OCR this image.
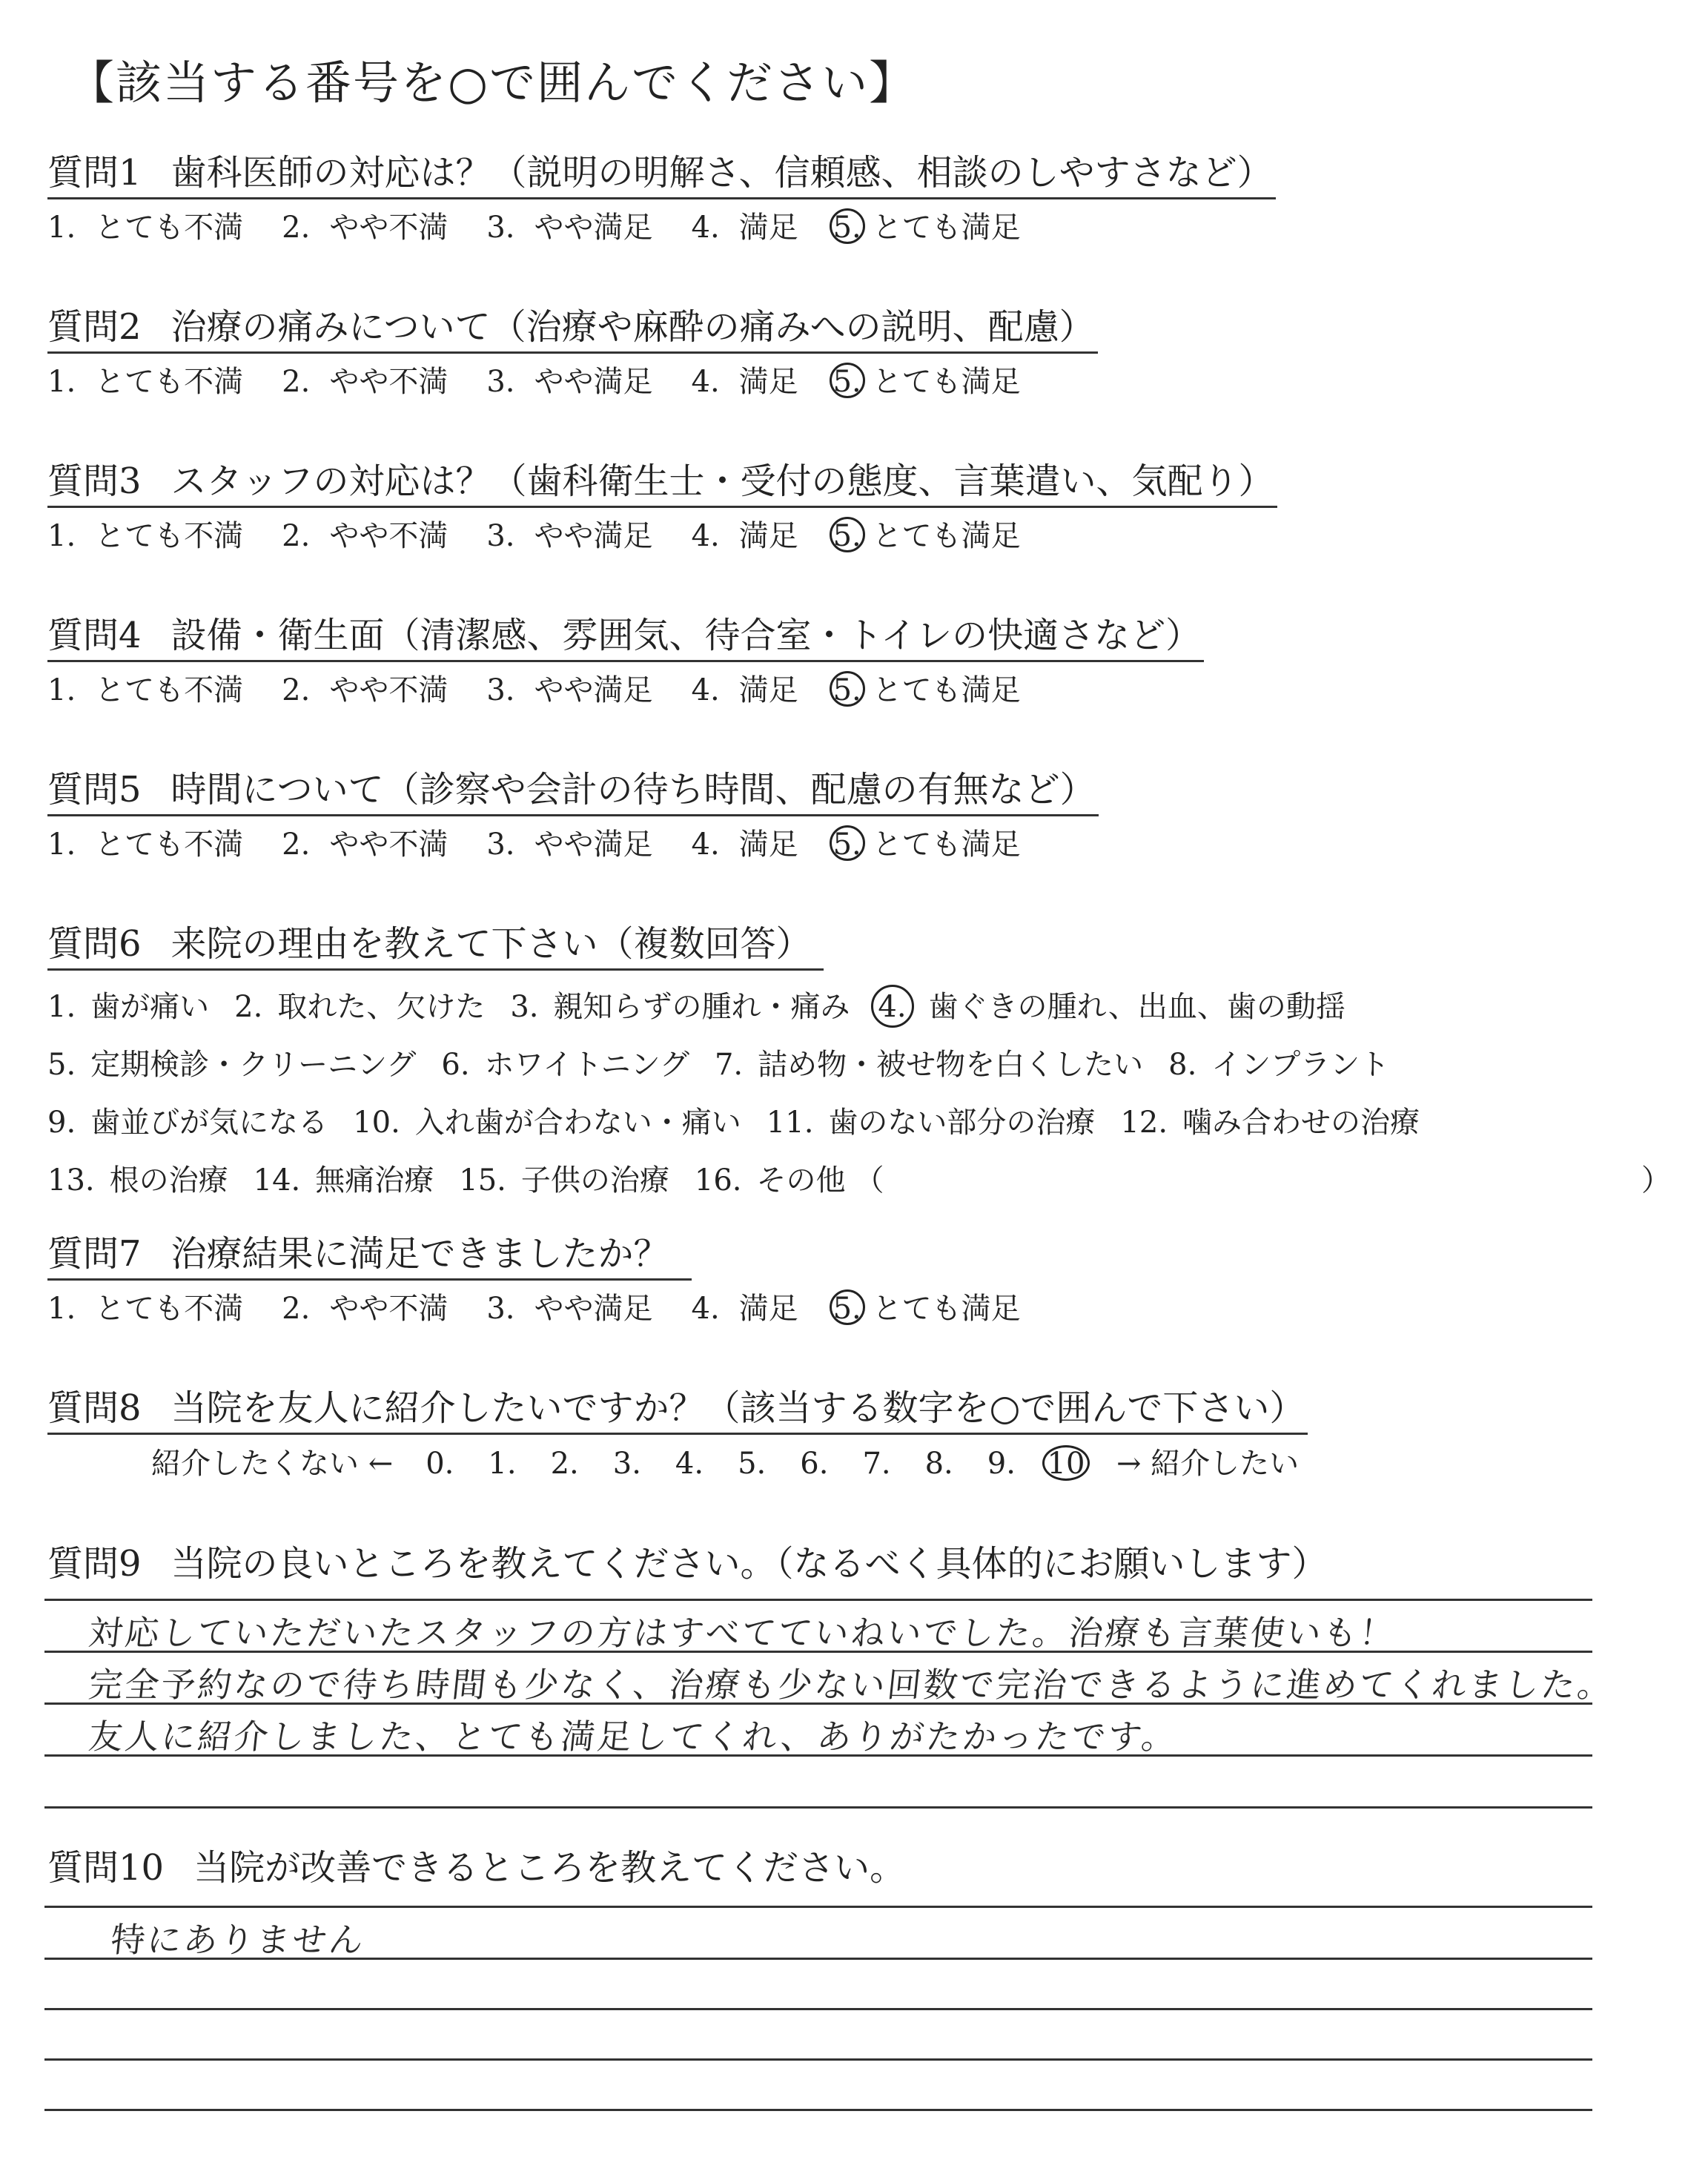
【該当する番号を○で囲んでください】
質問1 歯科医師の対応は？（説明の明解さ、信頼感、相談のしやすさなど）
1. とても不満 2. やや不満 3. やや満足 4. 満足 5. とても満足
質問2 治療の痛みについて（治療や麻酔の痛みへの説明、配慮）
1. とても不満 2. やや不満 3. やや満足 4. 満足 5. とても満足
質問3 スタッフの対応は？（歯科衛生士・受付の態度、言葉遣い、気配り）
1. とても不満 2. やや不満 3. やや満足 4. 満足 5. とても満足
質問4 設備・衛生面（清潔感、雰囲気、待合室・トイレの快適さなど）
1. とても不満 2. やや不満 3. やや満足 4. 満足 5. とても満足
質問5 時間について（診察や会計の待ち時間、配慮の有無など）
1. とても不満 2. やや不満 3. やや満足 4. 満足 5. とても満足
質問6 来院の理由を教えて下さい（複数回答）
1. 歯が痛い 2. 取れた、欠けた 3. 親知らずの腫れ・痛み 4. 歯ぐきの腫れ、出血、歯の動揺
5. 定期検診・クリーニング 6. ホワイトニング 7. 詰め物・被せ物を白くしたい 8. インプラント
9. 歯並びが気になる 10. 入れ歯が合わない・痛い 11. 歯のない部分の治療 12. 噛み合わせの治療
13. 根の治療 14. 無痛治療 15. 子供の治療 16. その他 （	）
質問7 治療結果に満足できましたか？
1. とても不満 2. やや不満 3. やや満足 4. 満足 5. とても満足
質問8 当院を友人に紹介したいですか？（該当する数字を○で囲んで下さい）
紹介したくない ← 0. 1. 2. 3. 4. 5. 6. 7. 8. 9. 10 → 紹介したい
質問9 当院の良いところを教えてください。（なるべく具体的にお願いします）
対応していただいたスタッフの方はすべてていねいでした。治療も言葉使いも！
完全予約なので待ち時間も少なく、治療も少ない回数で完治できるように進めてくれました。
友人に紹介しました、とても満足してくれ、ありがたかったです。
質問10 当院が改善できるところを教えてください。
特にありません
